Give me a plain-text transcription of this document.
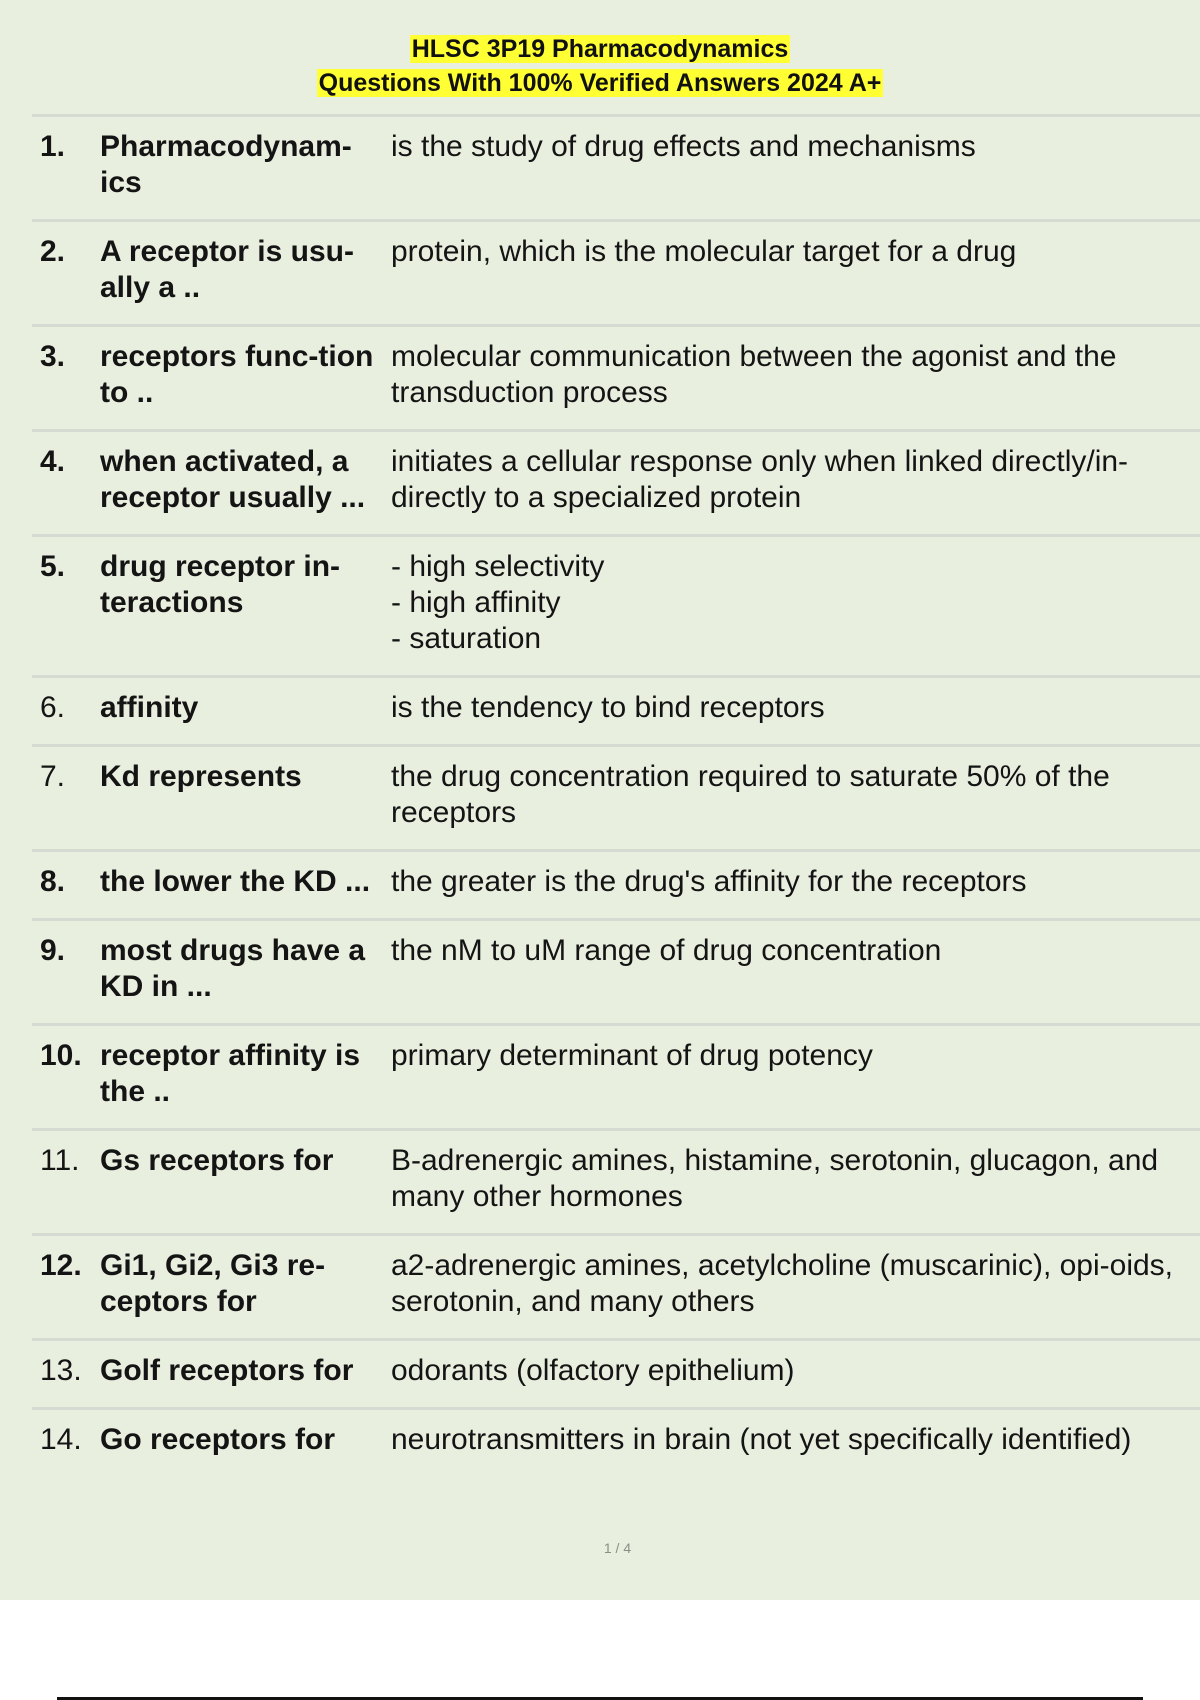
HLSC 3P19 Pharmacodynamics
Questions With 100% Verified Answers 2024 A+
1.	Pharmacodynam-ics	is the study of drug effects and mechanisms

2.	A receptor is usu-ally a ..	protein, which is the molecular target for a drug

3.	receptors func-tion to ..	molecular communication between the agonist and the transduction process

4.	when activated, a receptor usually ...	initiates a cellular response only when linked directly/in-directly to a specialized protein

5.	drug receptor in-teractions	- high selectivity
- high affinity
- saturation

6.	affinity	is the tendency to bind receptors

7.	Kd represents	the drug concentration required to saturate 50% of the receptors

8.	the lower the KD ...	the greater is the drug's affinity for the receptors

9.	most drugs have a KD in ...	the nM to uM range of drug concentration

10.	receptor affinity is the ..	primary determinant of drug potency

11.	Gs receptors for	B-adrenergic amines, histamine, serotonin, glucagon, and many other hormones

12.	Gi1, Gi2, Gi3 re-ceptors for	a2-adrenergic amines, acetylcholine (muscarinic), opi-oids, serotonin, and many others

13.	Golf receptors for	odorants (olfactory epithelium)

14.	Go receptors for	neurotransmitters in brain (not yet specifically identified)
1 / 4
